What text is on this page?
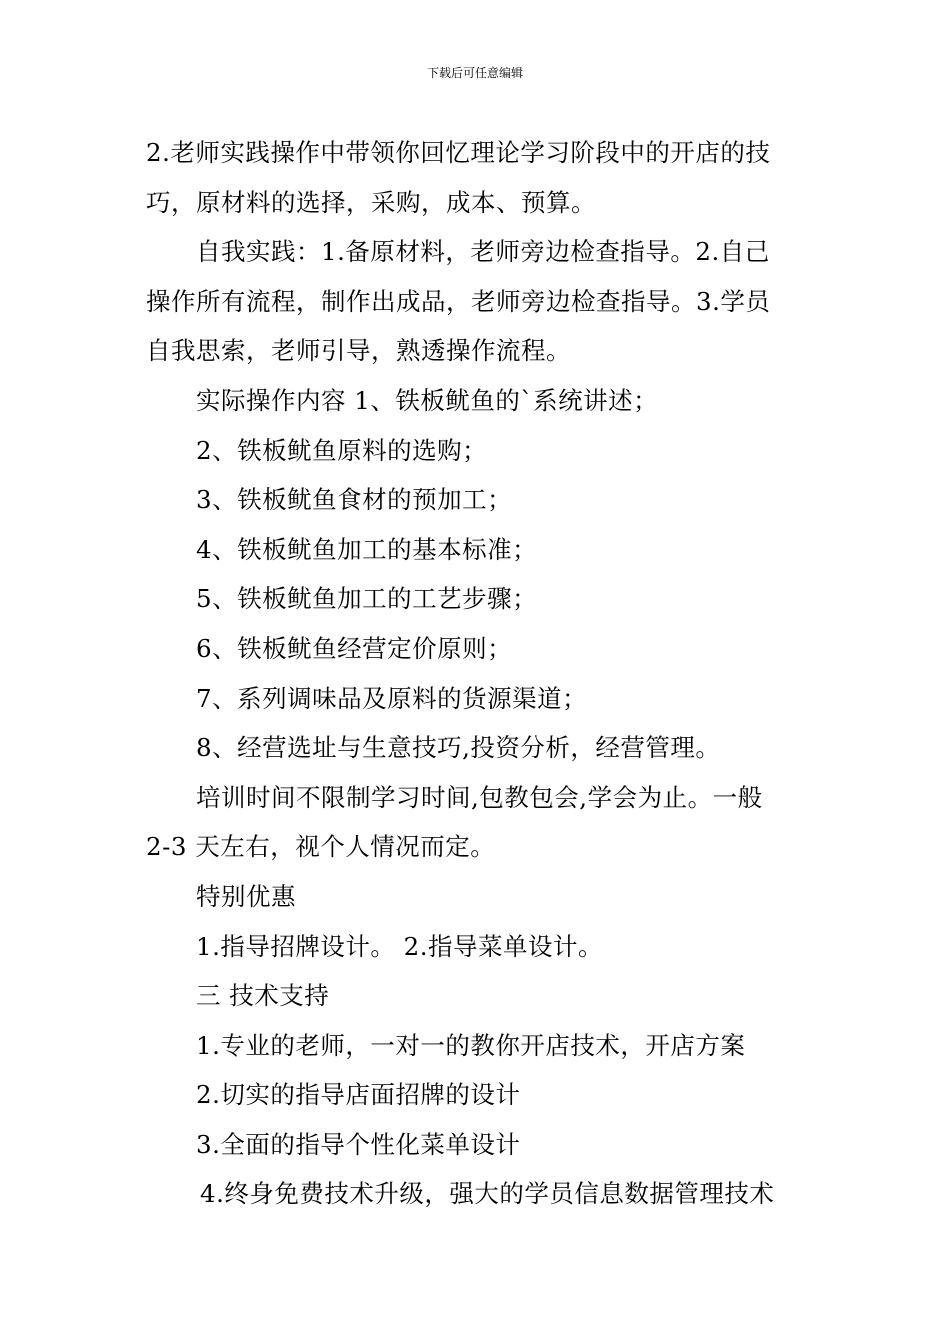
下载后可任意编辑
2.老师实践操作中带领你回忆理论学习阶段中的开店的技
巧，原材料的选择，采购，成本、预算。
自我实践：1.备原材料，老师旁边检查指导。2.自己
操作所有流程，制作出成品，老师旁边检查指导。3.学员
自我思索，老师引导，熟透操作流程。
实际操作内容 1、铁板鱿鱼的`系统讲述；
2、铁板鱿鱼原料的选购；
3、铁板鱿鱼食材的预加工；
4、铁板鱿鱼加工的基本标准；
5、铁板鱿鱼加工的工艺步骤；
6、铁板鱿鱼经营定价原则；
7、系列调味品及原料的货源渠道；
8、经营选址与生意技巧,投资分析，经营管理。
培训时间不限制学习时间,包教包会,学会为止。一般
2-3 天左右，视个人情况而定。
特别优惠
1.指导招牌设计。 2.指导菜单设计。
三 技术支持
1.专业的老师，一对一的教你开店技术，开店方案
2.切实的指导店面招牌的设计
3.全面的指导个性化菜单设计
4.终身免费技术升级，强大的学员信息数据管理技术
